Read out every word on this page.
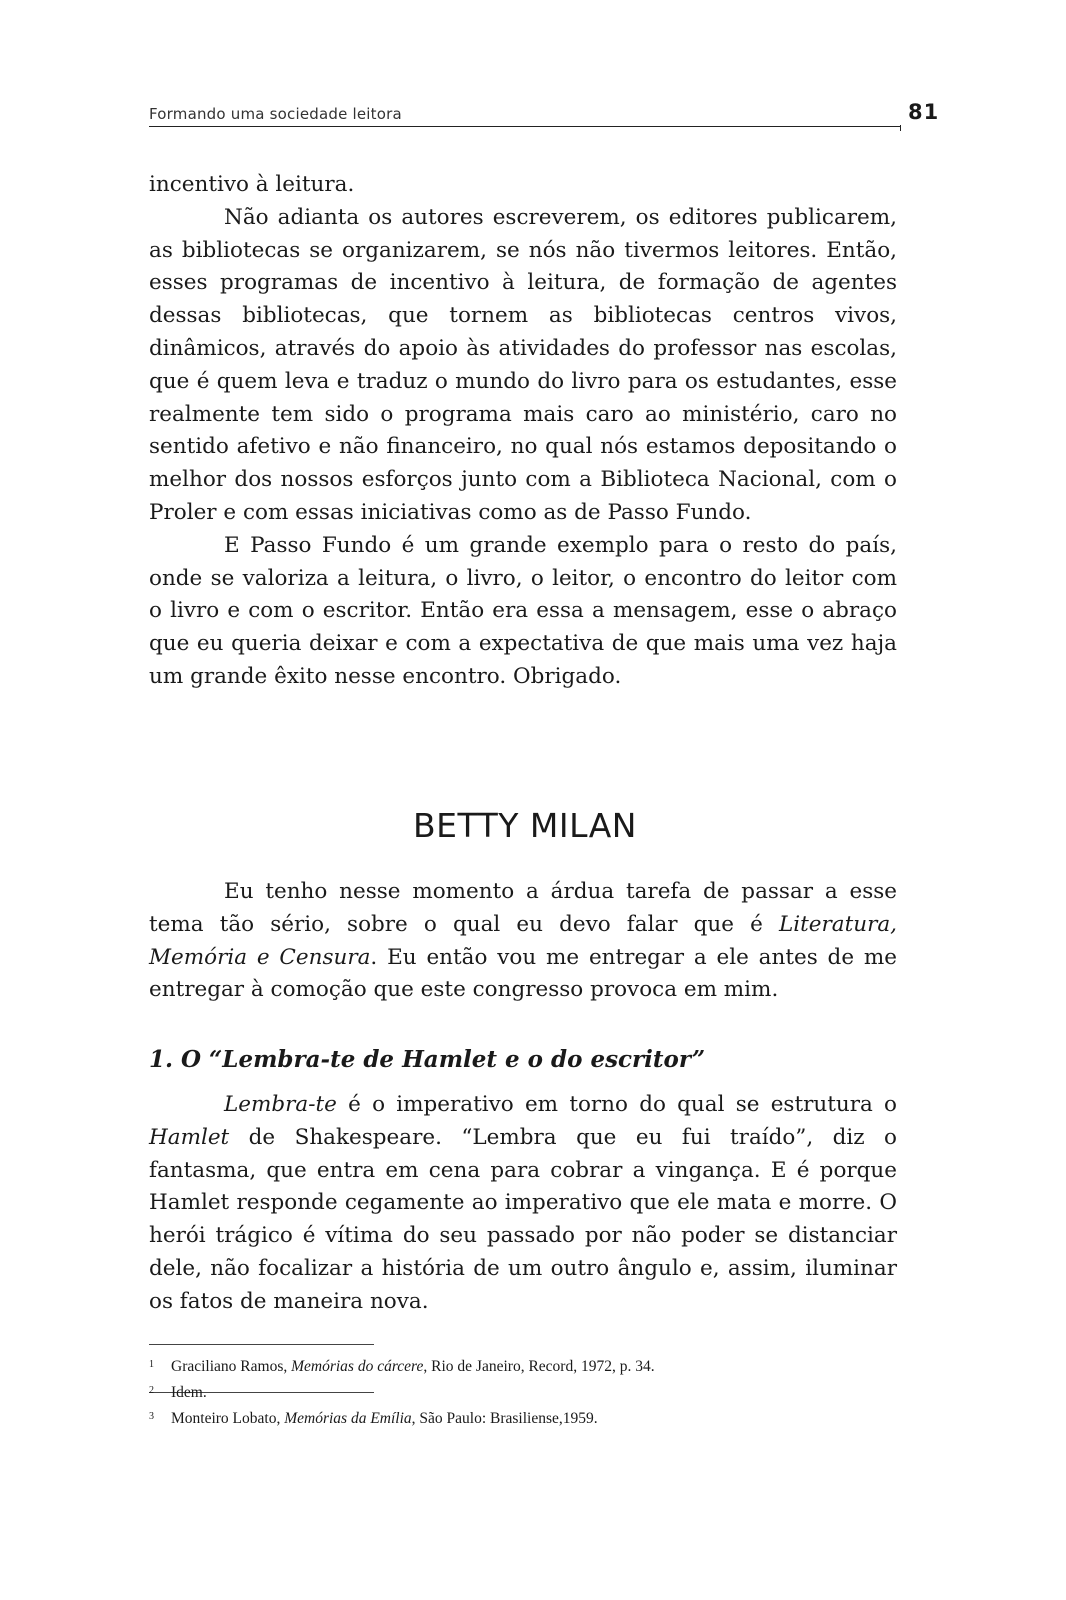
Formando uma sociedade leitora	81

incentivo à leitura.

Não adianta os autores escreverem, os editores publicarem, as bibliotecas se organizarem, se nós não tivermos leitores. Então, esses programas de incentivo à leitura, de formação de agentes dessas bibliotecas, que tornem as bibliotecas centros vivos, dinâmicos, através do apoio às atividades do professor nas escolas, que é quem leva e traduz o mundo do livro para os estudantes, esse realmente tem sido o programa mais caro ao ministério, caro no sentido afetivo e não financeiro, no qual nós estamos depositando o melhor dos nossos esforços junto com a Biblioteca Nacional, com o Proler e com essas iniciativas como as de Passo Fundo.

E Passo Fundo é um grande exemplo para o resto do país, onde se valoriza a leitura, o livro, o leitor, o encontro do leitor com o livro e com o escritor. Então era essa a mensagem, esse o abraço que eu queria deixar e com a expectativa de que mais uma vez haja um grande êxito nesse encontro. Obrigado.

BETTY MILAN

Eu tenho nesse momento a árdua tarefa de passar a esse tema tão sério, sobre o qual eu devo falar que é Literatura, Memória e Censura. Eu então vou me entregar a ele antes de me entregar à comoção que este congresso provoca em mim.

1. O “Lembra-te de Hamlet e o do escritor”

Lembra-te é o imperativo em torno do qual se estrutura o Hamlet de Shakespeare. “Lembra que eu fui traído”, diz o fantasma, que entra em cena para cobrar a vingança. E é porque Hamlet responde cegamente ao imperativo que ele mata e morre. O herói trágico é vítima do seu passado por não poder se distanciar dele, não focalizar a história de um outro ângulo e, assim, iluminar os fatos de maneira nova.

1 Graciliano Ramos, Memórias do cárcere, Rio de Janeiro, Record, 1972, p. 34.
2 Idem.
3 Monteiro Lobato, Memórias da Emília, São Paulo: Brasiliense,1959.
